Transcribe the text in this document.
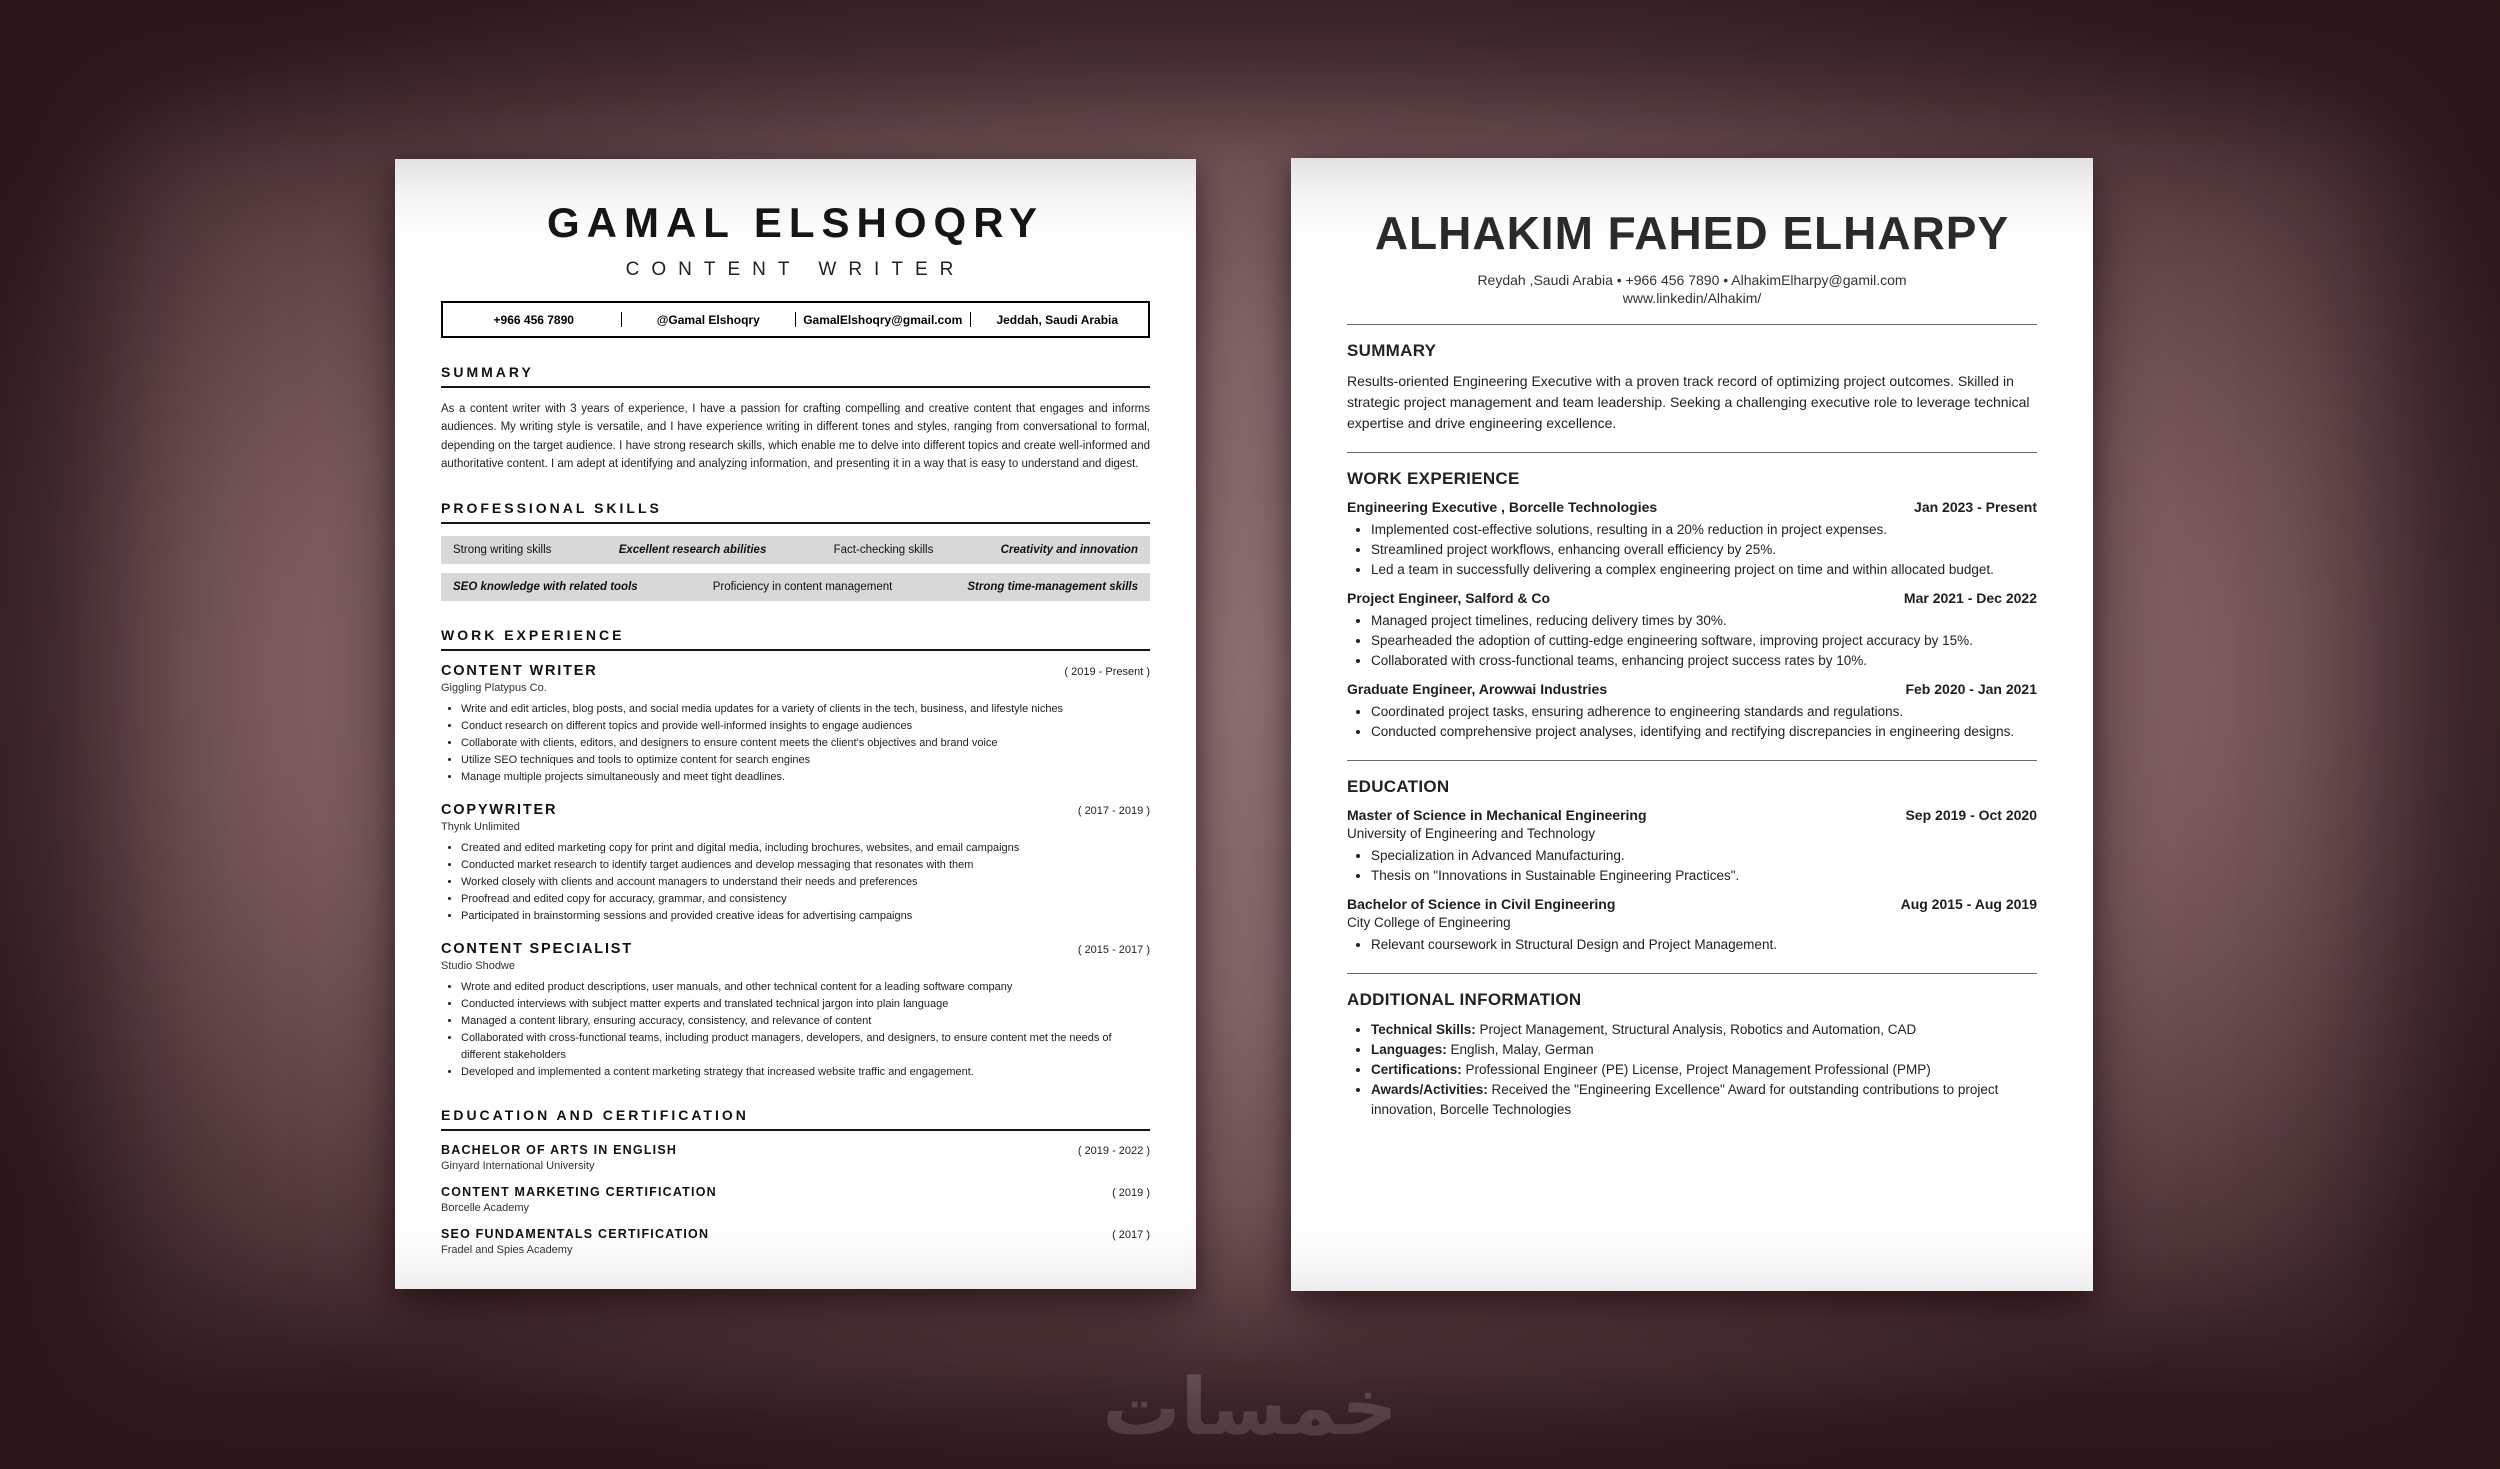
GAMAL ELSHOQRY
CONTENT WRITER
+966 456 7890	@Gamal Elshoqry	GamalElshoqry@gmail.com	Jeddah, Saudi Arabia
SUMMARY

As a content writer with 3 years of experience, I have a passion for crafting compelling and creative content that engages and informs audiences. My writing style is versatile, and I have experience writing in different tones and styles, ranging from conversational to formal, depending on the target audience. I have strong research skills, which enable me to delve into different topics and create well-informed and authoritative content. I am adept at identifying and analyzing information, and presenting it in a way that is easy to understand and digest.

PROFESSIONAL SKILLS
Strong writing skills	Excellent research abilities	Fact-checking skills	Creativity and innovation
SEO knowledge with related tools	Proficiency in content management	Strong time-management skills
WORK EXPERIENCE
CONTENT WRITER	( 2019 - Present )
Giggling Platypus Co.
• Write and edit articles, blog posts, and social media updates for a variety of clients in the tech, business, and lifestyle niches
• Conduct research on different topics and provide well-informed insights to engage audiences
• Collaborate with clients, editors, and designers to ensure content meets the client's objectives and brand voice
• Utilize SEO techniques and tools to optimize content for search engines
• Manage multiple projects simultaneously and meet tight deadlines.
COPYWRITER	( 2017 - 2019 )
Thynk Unlimited
• Created and edited marketing copy for print and digital media, including brochures, websites, and email campaigns
• Conducted market research to identify target audiences and develop messaging that resonates with them
• Worked closely with clients and account managers to understand their needs and preferences
• Proofread and edited copy for accuracy, grammar, and consistency
• Participated in brainstorming sessions and provided creative ideas for advertising campaigns
CONTENT SPECIALIST	( 2015 - 2017 )
Studio Shodwe
• Wrote and edited product descriptions, user manuals, and other technical content for a leading software company
• Conducted interviews with subject matter experts and translated technical jargon into plain language
• Managed a content library, ensuring accuracy, consistency, and relevance of content
• Collaborated with cross-functional teams, including product managers, developers, and designers, to ensure content met the needs of different stakeholders
• Developed and implemented a content marketing strategy that increased website traffic and engagement.
EDUCATION AND CERTIFICATION
BACHELOR OF ARTS IN ENGLISH	( 2019 - 2022 )
Ginyard International University
CONTENT MARKETING CERTIFICATION	( 2019 )
Borcelle Academy
SEO FUNDAMENTALS CERTIFICATION	( 2017 )
Fradel and Spies Academy
ALHAKIM FAHED ELHARPY
Reydah ,Saudi Arabia • +966 456 7890 • AlhakimElharpy@gamil.com
www.linkedin/Alhakim/
SUMMARY

Results-oriented Engineering Executive with a proven track record of optimizing project outcomes. Skilled in strategic project management and team leadership. Seeking a challenging executive role to leverage technical expertise and drive engineering excellence.

WORK EXPERIENCE
Engineering Executive , Borcelle Technologies	Jan 2023 - Present
• Implemented cost-effective solutions, resulting in a 20% reduction in project expenses.
• Streamlined project workflows, enhancing overall efficiency by 25%.
• Led a team in successfully delivering a complex engineering project on time and within allocated budget.
Project Engineer, Salford & Co	Mar 2021 - Dec 2022
• Managed project timelines, reducing delivery times by 30%.
• Spearheaded the adoption of cutting-edge engineering software, improving project accuracy by 15%.
• Collaborated with cross-functional teams, enhancing project success rates by 10%.
Graduate Engineer, Arowwai Industries	Feb 2020 - Jan 2021
• Coordinated project tasks, ensuring adherence to engineering standards and regulations.
• Conducted comprehensive project analyses, identifying and rectifying discrepancies in engineering designs.
EDUCATION
Master of Science in Mechanical Engineering	Sep 2019 - Oct 2020
University of Engineering and Technology
• Specialization in Advanced Manufacturing.
• Thesis on "Innovations in Sustainable Engineering Practices".
Bachelor of Science in Civil Engineering	Aug 2015 - Aug 2019
City College of Engineering
• Relevant coursework in Structural Design and Project Management.
ADDITIONAL INFORMATION
• Technical Skills: Project Management, Structural Analysis, Robotics and Automation, CAD
• Languages: English, Malay, German
• Certifications: Professional Engineer (PE) License, Project Management Professional (PMP)
• Awards/Activities: Received the "Engineering Excellence" Award for outstanding contributions to project innovation, Borcelle Technologies
خمسات
